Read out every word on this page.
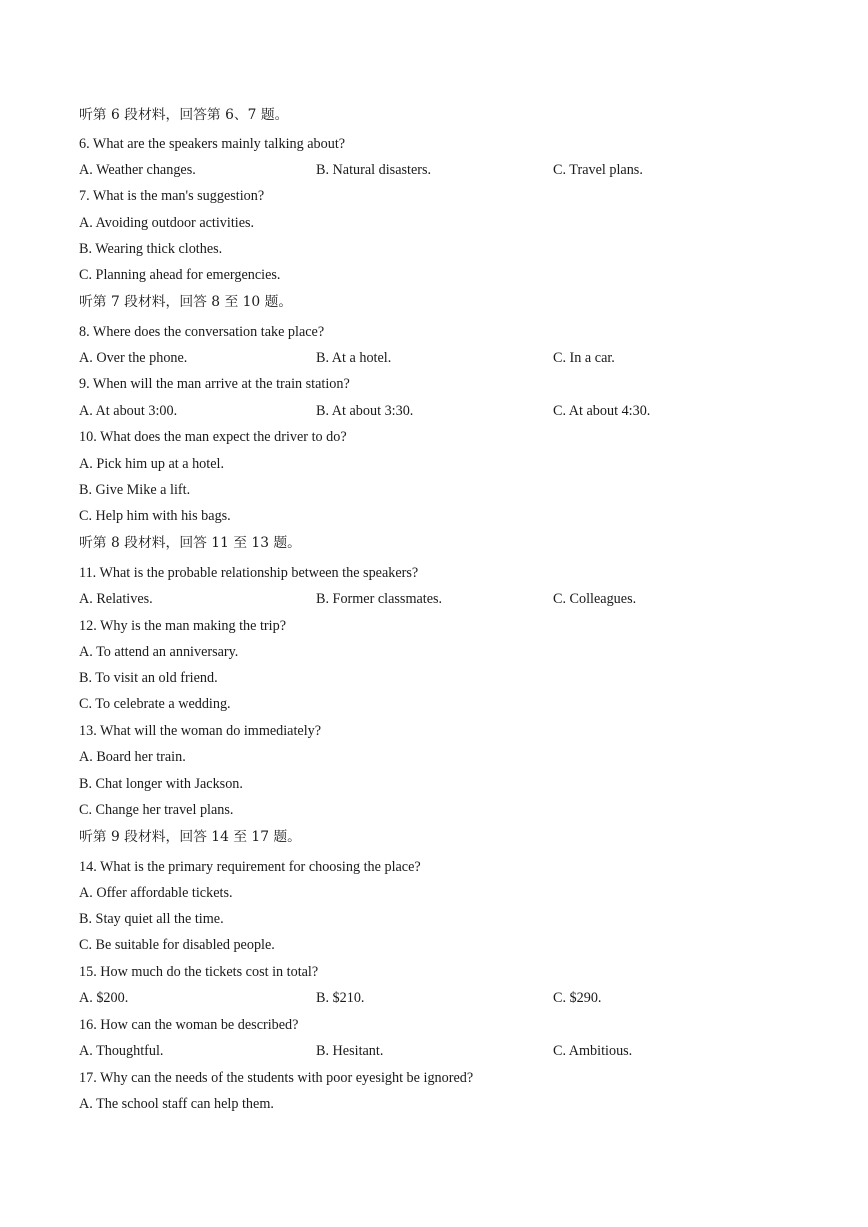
听第 6 段材料，回答第 6、7 题。
6. What are the speakers mainly talking about?
A. Weather changes.	B. Natural disasters.	C. Travel plans.
7. What is the man's suggestion?
A. Avoiding outdoor activities.
B. Wearing thick clothes.
C. Planning ahead for emergencies.
听第 7 段材料，回答 8 至 10 题。
8. Where does the conversation take place?
A. Over the phone.	B. At a hotel.	C. In a car.
9. When will the man arrive at the train station?
A. At about 3:00.	B. At about 3:30.	C. At about 4:30.
10. What does the man expect the driver to do?
A. Pick him up at a hotel.
B. Give Mike a lift.
C. Help him with his bags.
听第 8 段材料，回答 11 至 13 题。
11. What is the probable relationship between the speakers?
A. Relatives.	B. Former classmates.	C. Colleagues.
12. Why is the man making the trip?
A. To attend an anniversary.
B. To visit an old friend.
C. To celebrate a wedding.
13. What will the woman do immediately?
A. Board her train.
B. Chat longer with Jackson.
C. Change her travel plans.
听第 9 段材料，回答 14 至 17 题。
14. What is the primary requirement for choosing the place?
A. Offer affordable tickets.
B. Stay quiet all the time.
C. Be suitable for disabled people.
15. How much do the tickets cost in total?
A. $200.	B. $210.	C. $290.
16. How can the woman be described?
A. Thoughtful.	B. Hesitant.	C. Ambitious.
17. Why can the needs of the students with poor eyesight be ignored?
A. The school staff can help them.
